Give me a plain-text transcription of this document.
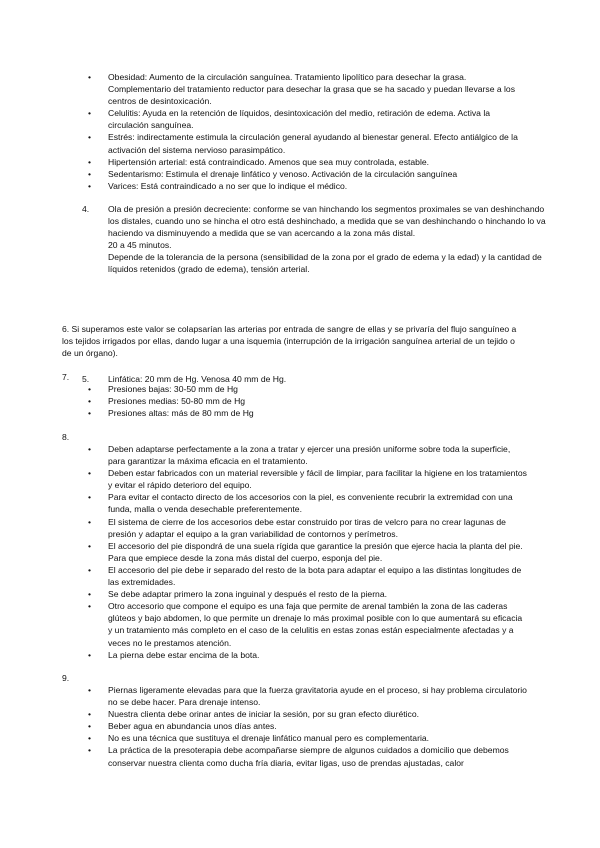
• Obesidad: Aumento de la circulación sanguínea. Tratamiento lipolítico para desechar la grasa. Complementario del tratamiento reductor para desechar la grasa que se ha sacado y puedan llevarse a los centros de desintoxicación.
• Celulitis: Ayuda en la retención de líquidos, desintoxicación del medio, retiración de edema. Activa la circulación sanguínea.
• Estrés: indirectamente estimula la circulación general ayudando al bienestar general. Efecto antiálgico de la activación del sistema nervioso parasimpático.
• Hipertensión arterial: está contraindicado. Amenos que sea muy controlada, estable.
• Sedentarismo: Estimula el drenaje linfático y venoso. Activación de la circulación sanguínea
• Varices: Está contraindicado a no ser que lo indique el médico.
4. Ola de presión a presión decreciente: conforme se van hinchando los segmentos proximales se van deshinchando los distales, cuando uno se hincha el otro está deshinchado, a medida que se van deshinchando o hinchando lo va haciendo va disminuyendo a medida que se van acercando a la zona más distal.

20 a 45 minutos.

Depende de la tolerancia de la persona (sensibilidad de la zona por el grado de edema y la edad) y la cantidad de líquidos retenidos (grado de edema), tensión arterial.

5. Linfática: 20 mm de Hg. Venosa 40 mm de Hg.

6. Si superamos este valor se colapsarían las arterias por entrada de sangre de ellas y se privaría del flujo sanguíneo a los tejidos irrigados por ellas, dando lugar a una isquemia (interrupción de la irrigación sanguínea arterial de un tejido o de un órgano).

7.

• Presiones bajas: 30-50 mm de Hg
• Presiones medias: 50-80 mm de Hg
• Presiones altas: más de 80 mm de Hg

8.

• Deben adaptarse perfectamente a la zona a tratar y ejercer una presión uniforme sobre toda la superficie, para garantizar la máxima eficacia en el tratamiento.
• Deben estar fabricados con un material reversible y fácil de limpiar, para facilitar la higiene en los tratamientos y evitar el rápido deterioro del equipo.
• Para evitar el contacto directo de los accesorios con la piel, es conveniente recubrir la extremidad con una funda, malla o venda desechable preferentemente.
• El sistema de cierre de los accesorios debe estar construido por tiras de velcro para no crear lagunas de presión y adaptar el equipo a la gran variabilidad de contornos y perímetros.
• El accesorio del pie dispondrá de una suela rígida que garantice la presión que ejerce hacia la planta del pie. Para que empiece desde la zona más distal del cuerpo, esponja del pie.
• El accesorio del pie debe ir separado del resto de la bota para adaptar el equipo a las distintas longitudes de las extremidades.
• Se debe adaptar primero la zona inguinal y después el resto de la pierna.
• Otro accesorio que compone el equipo es una faja que permite de arenal también la zona de las caderas glúteos y bajo abdomen, lo que permite un drenaje lo más proximal posible con lo que aumentará su eficacia y un tratamiento más completo en el caso de la celulitis en estas zonas están especialmente afectadas y a veces no le prestamos atención.
• La pierna debe estar encima de la bota.

9.

• Piernas ligeramente elevadas para que la fuerza gravitatoria ayude en el proceso, si hay problema circulatorio no se debe hacer. Para drenaje intenso.
• Nuestra clienta debe orinar antes de iniciar la sesión, por su gran efecto diurético.
• Beber agua en abundancia unos días antes.
• No es una técnica que sustituya el drenaje linfático manual pero es complementaria.
• La práctica de la presoterapia debe acompañarse siempre de algunos cuidados a domicilio que debemos conservar nuestra clienta como ducha fría diaria, evitar ligas, uso de prendas ajustadas, calor
